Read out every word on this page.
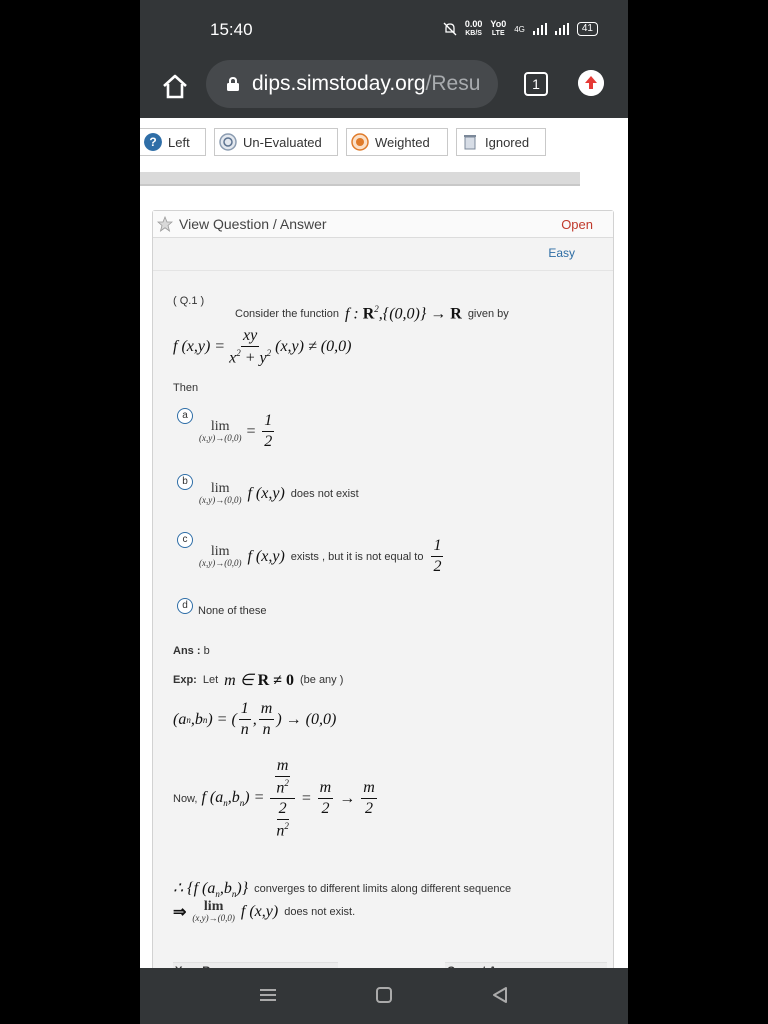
15:40	0.00
KB/S
Yo0
LTE 4G	41
dips.simstoday.org/Resu	1
? Left	Un-Evaluated	Weighted	Ignored
View Question / Answer	Open
Easy
( Q.1 )
Consider the function f : $R^2,\{(0,0)\} \to R$ given by
f $(x,y) = \frac{xy}{x^2 + y^2} (x,y) \ne (0,0)$
Then
a
lim
$(x,y)\to(0,0) = \frac{1}{2}$
b	lim
(x,y)→(0,0) f (x,y) does not exist
c
lim
(x,y)→(0,0) f (x,y) exists , but it is not equal to $\frac{1}{2}$
d None of these
Ans : b
Exp: Let m ∈ R ≠ 0 (be any )
(a n ,b n ) = ( $\frac{1}{n}$ , $\frac{m}{n}$ ) → (0,0)
Now, f $(a_n,b_n) = \frac{\frac{m}{n^2}}{\frac{2}{n^2}} = \frac{m}{2} \to \frac{m}{2}$
∴ {f $(a_n,b_n)$} converges to different limits along different sequence
⇒ lim
(x,y)→(0,0) f (x,y) does not exist.
